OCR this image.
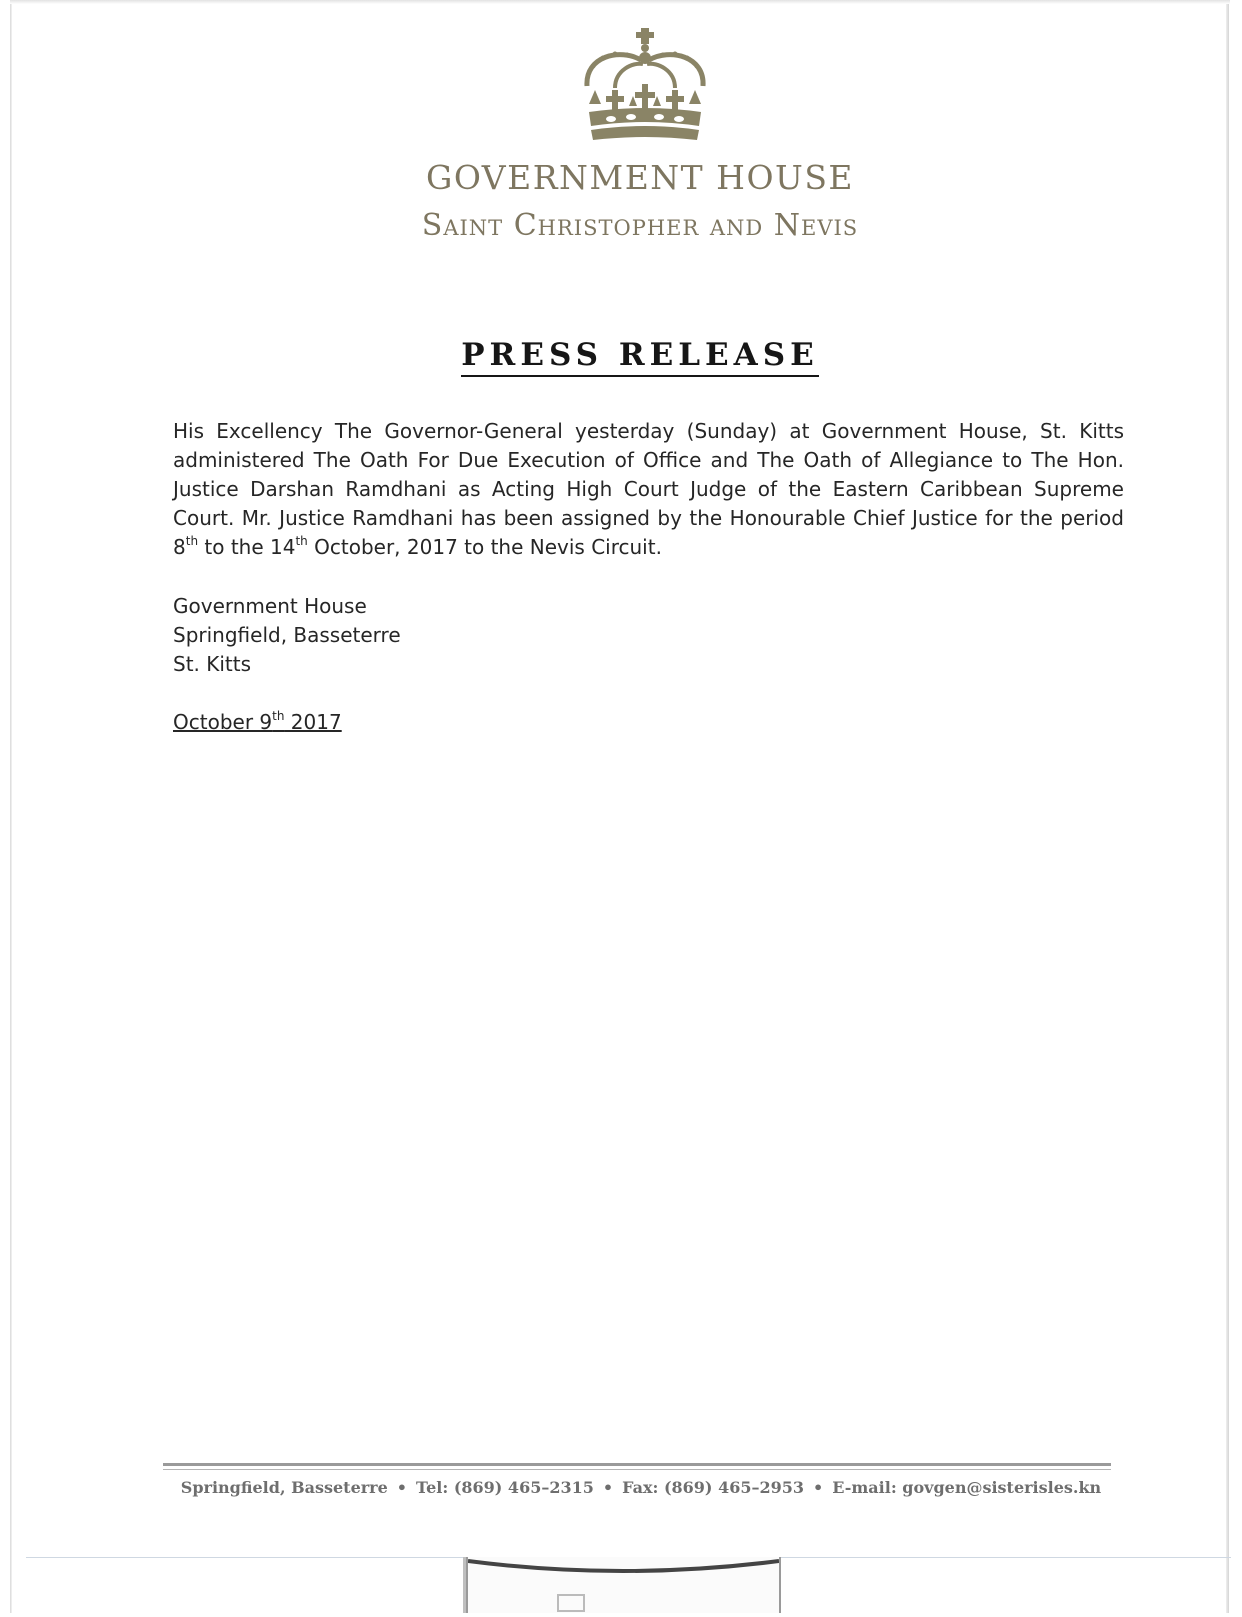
GOVERNMENT HOUSE
Saint Christopher and Nevis
PRESS RELEASE
His Excellency The Governor-General yesterday (Sunday) at Government House, St. Kitts administered The Oath For Due Execution of Office and The Oath of Allegiance to The Hon. Justice Darshan Ramdhani as Acting High Court Judge of the Eastern Caribbean Supreme Court. Mr. Justice Ramdhani has been assigned by the Honourable Chief Justice for the period 8th to the 14th October, 2017 to the Nevis Circuit.
Government House
Springfield, Basseterre
St. Kitts
October 9th 2017
Springfield, Basseterre • Tel: (869) 465–2315 • Fax: (869) 465–2953 • E-mail: govgen@sisterisles.kn
